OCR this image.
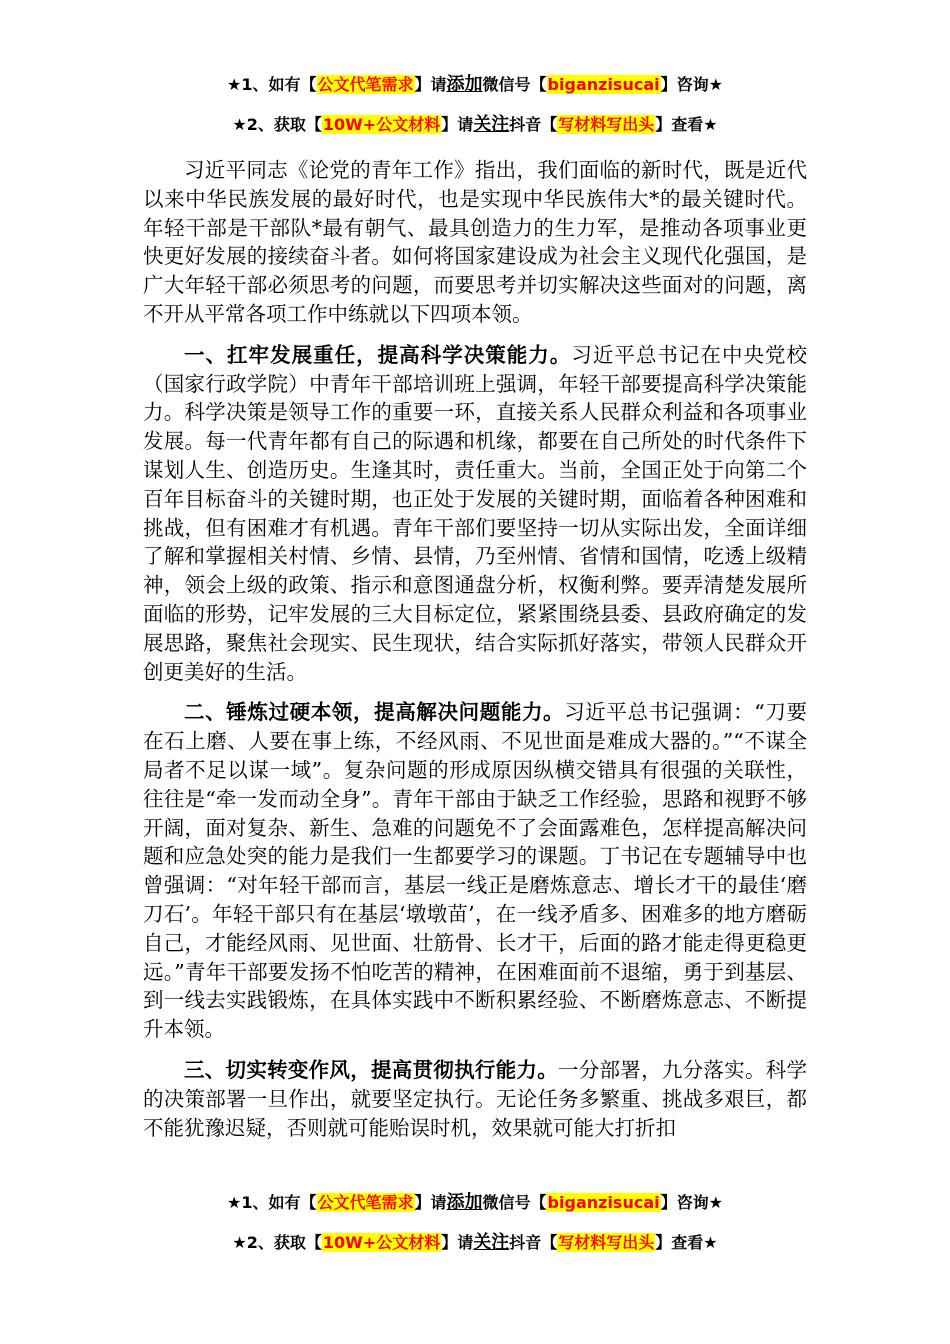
★1、如有【公文代笔需求】请添加微信号【biganzisucai】咨询★
★2、获取【10W+公文材料】请关注抖音【写材料写出头】查看★

习近平同志《论党的青年工作》指出，我们面临的新时代，既是近代以来中华民族发展的最好时代，也是实现中华民族伟大*的最关键时代。年轻干部是干部队*最有朝气、最具创造力的生力军，是推动各项事业更快更好发展的接续奋斗者。如何将国家建设成为社会主义现代化强国，是广大年轻干部必须思考的问题，而要思考并切实解决这些面对的问题，离不开从平常各项工作中练就以下四项本领。

一、扛牢发展重任，提高科学决策能力。习近平总书记在中央党校（国家行政学院）中青年干部培训班上强调，年轻干部要提高科学决策能力。科学决策是领导工作的重要一环，直接关系人民群众利益和各项事业发展。每一代青年都有自己的际遇和机缘，都要在自己所处的时代条件下谋划人生、创造历史。生逢其时，责任重大。当前，全国正处于向第二个百年目标奋斗的关键时期，也正处于发展的关键时期，面临着各种困难和挑战，但有困难才有机遇。青年干部们要坚持一切从实际出发，全面详细了解和掌握相关村情、乡情、县情，乃至州情、省情和国情，吃透上级精神，领会上级的政策、指示和意图通盘分析，权衡利弊。要弄清楚发展所面临的形势，记牢发展的三大目标定位，紧紧围绕县委、县政府确定的发展思路，聚焦社会现实、民生现状，结合实际抓好落实，带领人民群众开创更美好的生活。

二、锤炼过硬本领，提高解决问题能力。习近平总书记强调：“刀要在石上磨、人要在事上练，不经风雨、不见世面是难成大器的。”“不谋全局者不足以谋一域”。复杂问题的形成原因纵横交错具有很强的关联性，往往是“牵一发而动全身”。青年干部由于缺乏工作经验，思路和视野不够开阔，面对复杂、新生、急难的问题免不了会面露难色，怎样提高解决问题和应急处突的能力是我们一生都要学习的课题。丁书记在专题辅导中也曾强调：“对年轻干部而言，基层一线正是磨炼意志、增长才干的最佳‘磨刀石’。年轻干部只有在基层‘墩墩苗’，在一线矛盾多、困难多的地方磨砺自己，才能经风雨、见世面、壮筋骨、长才干，后面的路才能走得更稳更远。”青年干部要发扬不怕吃苦的精神，在困难面前不退缩，勇于到基层、到一线去实践锻炼，在具体实践中不断积累经验、不断磨炼意志、不断提升本领。

三、切实转变作风，提高贯彻执行能力。一分部署，九分落实。科学的决策部署一旦作出，就要坚定执行。无论任务多繁重、挑战多艰巨，都不能犹豫迟疑，否则就可能贻误时机，效果就可能大打折扣

★1、如有【公文代笔需求】请添加微信号【biganzisucai】咨询★
★2、获取【10W+公文材料】请关注抖音【写材料写出头】查看★
